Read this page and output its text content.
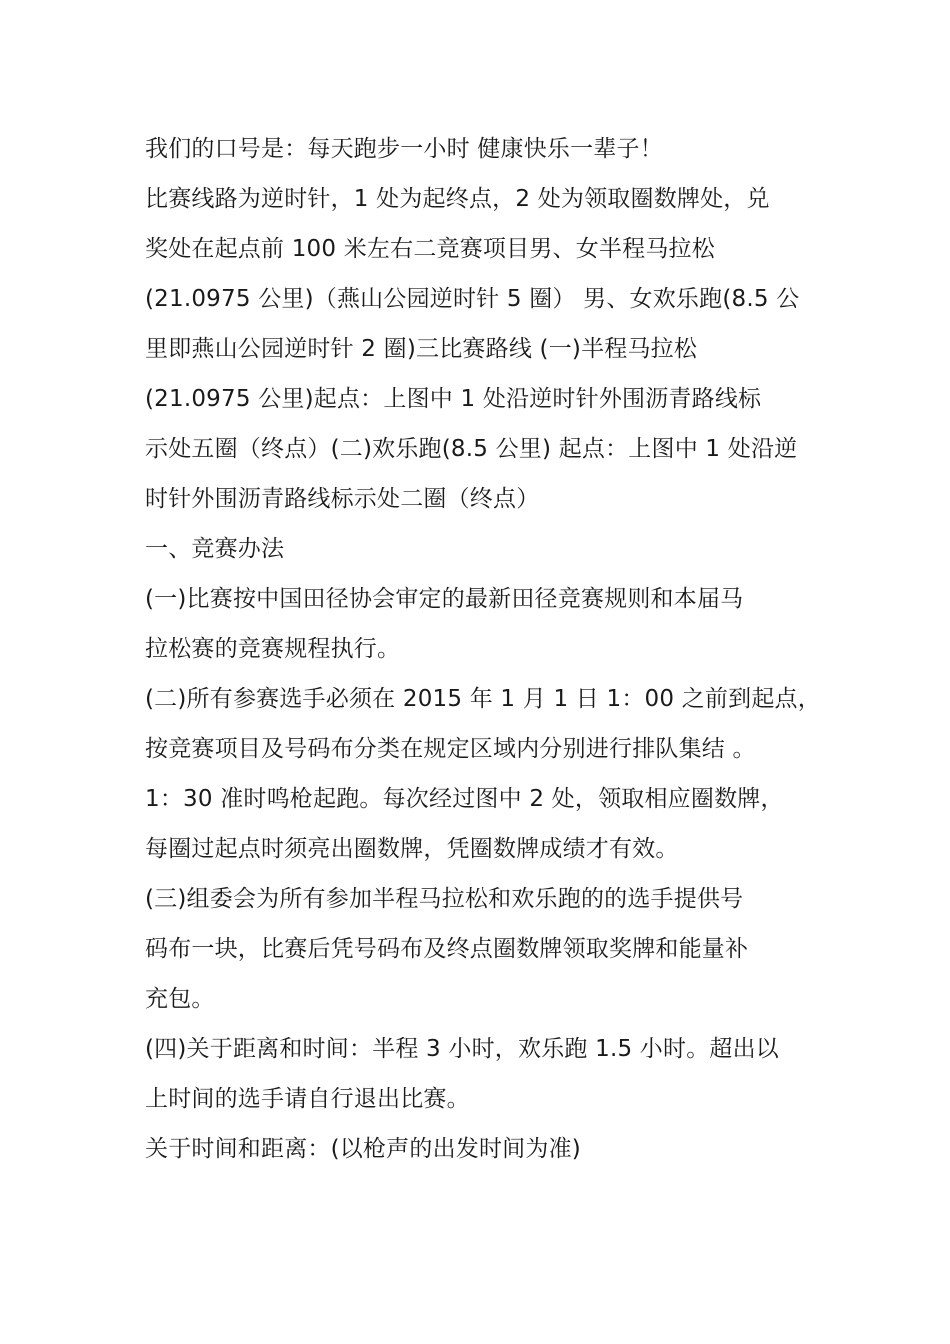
我们的口号是：每天跑步一小时 健康快乐一辈子！
比赛线路为逆时针，1 处为起终点，2 处为领取圈数牌处，兑
奖处在起点前 100 米左右二竞赛项目男、女半程马拉松
(21.0975 公里)（燕山公园逆时针 5 圈） 男、女欢乐跑(8.5 公
里即燕山公园逆时针 2 圈)三比赛路线 (一)半程马拉松
(21.0975 公里)起点：上图中 1 处沿逆时针外围沥青路线标
示处五圈（终点）(二)欢乐跑(8.5 公里) 起点：上图中 1 处沿逆
时针外围沥青路线标示处二圈（终点）
一、竞赛办法
(一)比赛按中国田径协会审定的最新田径竞赛规则和本届马
拉松赛的竞赛规程执行。
(二)所有参赛选手必须在 2015 年 1 月 1 日 1：00 之前到起点，
按竞赛项目及号码布分类在规定区域内分别进行排队集结 。
1：30 准时鸣枪起跑。每次经过图中 2 处，领取相应圈数牌，
每圈过起点时须亮出圈数牌，凭圈数牌成绩才有效。
(三)组委会为所有参加半程马拉松和欢乐跑的的选手提供号
码布一块，比赛后凭号码布及终点圈数牌领取奖牌和能量补
充包。
(四)关于距离和时间：半程 3 小时，欢乐跑 1.5 小时。超出以
上时间的选手请自行退出比赛。
关于时间和距离：(以枪声的出发时间为准)
